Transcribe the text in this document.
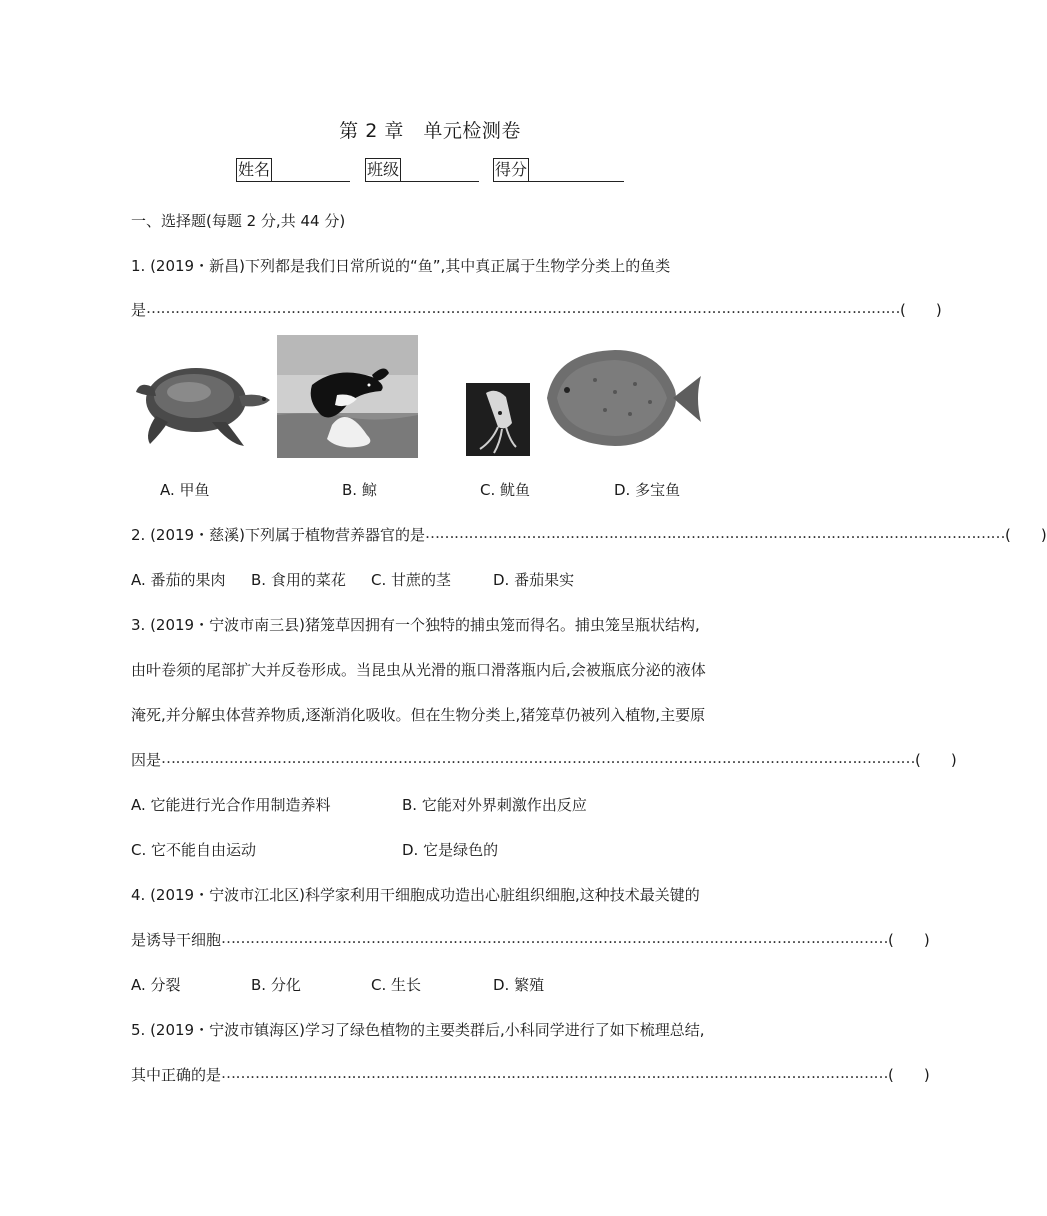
第 2 章　单元检测卷
姓名	班级	得分
一、选择题(每题 2 分,共 44 分)
1. (2019・新昌)下列都是我们日常所说的“鱼”,其中真正属于生物学分类上的鱼类
是 ………………………………………………………………………………………………………………………………………… (　　)
A. 甲鱼	B. 鲸	C. 鱿鱼	D. 多宝鱼
2. (2019・慈溪)下列属于植物营养器官的是 ………………………………………………………………………………………………………… (　　)
A. 番茄的果肉 B. 食用的菜花 C. 甘蔗的茎	D. 番茄果实
3. (2019・宁波市南三县)猪笼草因拥有一个独特的捕虫笼而得名。捕虫笼呈瓶状结构,
由叶卷须的尾部扩大并反卷形成。当昆虫从光滑的瓶口滑落瓶内后,会被瓶底分泌的液体
淹死,并分解虫体营养物质,逐渐消化吸收。但在生物分类上,猪笼草仍被列入植物,主要原
因是 ………………………………………………………………………………………………………………………………………… (　　)
A. 它能进行光合作用制造养料	B. 它能对外界刺激作出反应
C. 它不能自由运动	D. 它是绿色的
4. (2019・宁波市江北区)科学家利用干细胞成功造出心脏组织细胞,这种技术最关键的
是诱导干细胞 ………………………………………………………………………………………………………………………… (　　)
A. 分裂	B. 分化	C. 生长	D. 繁殖
5. (2019・宁波市镇海区)学习了绿色植物的主要类群后,小科同学进行了如下梳理总结,
其中正确的是 ………………………………………………………………………………………………………………………… (　　)
